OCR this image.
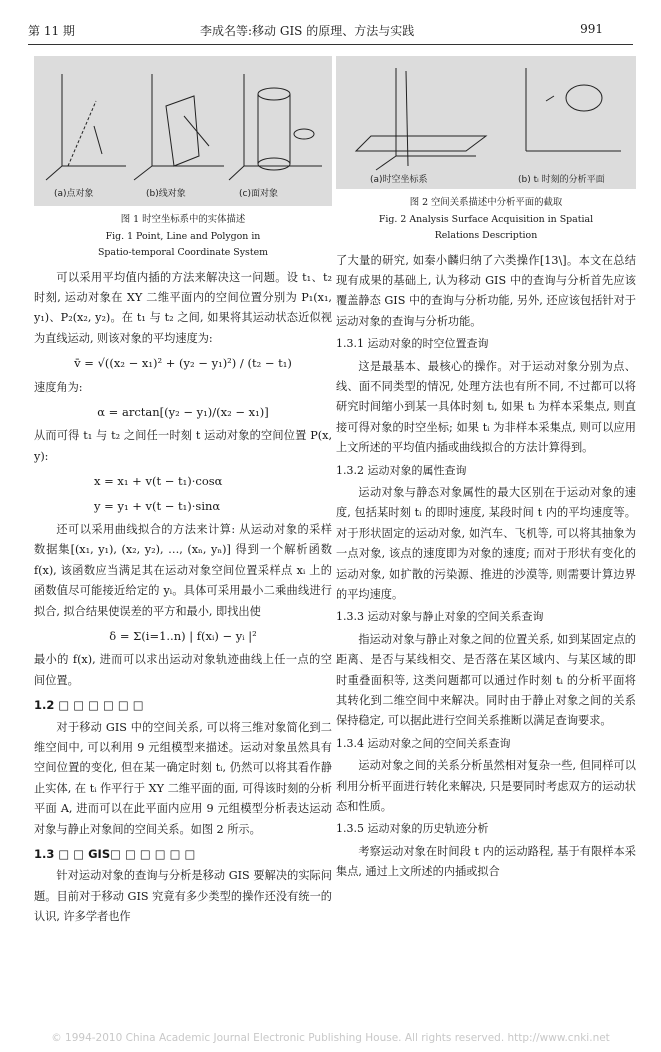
第 11 期	李成名等:移动 GIS 的原理、方法与实践	991
(a)点对象	(b)线对象	(c)面对象
图 1 时空坐标系中的实体描述
Fig. 1 Point, Line and Polygon in
Spatio-temporal Coordinate System

可以采用平均值内插的方法来解决这一问题。设 t₁、t₂ 时刻, 运动对象在 XY 二维平面内的空间位置分别为 P₁(x₁, y₁)、P₂(x₂, y₂)。在 t₁ 与 t₂ 之间, 如果将其运动状态近似视为直线运动, 则该对象的平均速度为:

v̄ = √((x₂ − x₁)² + (y₂ − y₁)²) / (t₂ − t₁)

速度角为:

α = arctan[(y₂ − y₁)/(x₂ − x₁)]

从而可得 t₁ 与 t₂ 之间任一时刻 t 运动对象的空间位置 P(x, y):

x = x₁ + v(t − t₁)·cosα
y = y₁ + v(t − t₁)·sinα

还可以采用曲线拟合的方法来计算: 从运动对象的采样数据集[(x₁, y₁), (x₂, y₂), …, (xₙ, yₙ)] 得到一个解析函数 f(x), 该函数应当满足其在运动对象空间位置采样点 xᵢ 上的函数值尽可能接近给定的 yᵢ。具体可采用最小二乘曲线进行拟合, 拟合结果使误差的平方和最小, 即找出使

δ = Σ(i=1..n) | f(xᵢ) − yᵢ |²

最小的 f(x), 进而可以求出运动对象轨迹曲线上任一点的空间位置。

1.2 □ □ □ □ □ □

对于移动 GIS 中的空间关系, 可以将三维对象简化到二维空间中, 可以利用 9 元组模型来描述。运动对象虽然具有空间位置的变化, 但在某一确定时刻 tᵢ, 仍然可以将其看作静止实体, 在 tᵢ 作平行于 XY 二维平面的面, 可得该时刻的分析平面 A, 进而可以在此平面内应用 9 元组模型分析表达运动对象与静止对象间的空间关系。如图 2 所示。

1.3 □ □ GIS□ □ □ □ □ □

针对运动对象的查询与分析是移动 GIS 要解决的实际问题。目前对于移动 GIS 究竟有多少类型的操作还没有统一的认识, 许多学者也作

(a)时空坐标系	(b) tᵢ 时刻的分析平面
图 2 空间关系描述中分析平面的截取
Fig. 2 Analysis Surface Acquisition in Spatial
Relations Description

了大量的研究, 如秦小麟归纳了六类操作[13\]。本文在总结现有成果的基础上, 认为移动 GIS 中的查询与分析首先应该覆盖静态 GIS 中的查询与分析功能, 另外, 还应该包括针对于运动对象的查询与分析功能。

1.3.1 运动对象的时空位置查询

这是最基本、最核心的操作。对于运动对象分别为点、线、面不同类型的情况, 处理方法也有所不同, 不过都可以将研究时间缩小到某一具体时刻 tᵢ, 如果 tᵢ 为样本采集点, 则直接可得对象的时空坐标; 如果 tᵢ 为非样本采集点, 则可以应用上文所述的平均值内插或曲线拟合的方法计算得到。

1.3.2 运动对象的属性查询

运动对象与静态对象属性的最大区别在于运动对象的速度, 包括某时刻 tᵢ 的即时速度, 某段时间 t 内的平均速度等。对于形状固定的运动对象, 如汽车、飞机等, 可以将其抽象为一点对象, 该点的速度即为对象的速度; 而对于形状有变化的运动对象, 如扩散的污染源、推进的沙漠等, 则需要计算边界的平均速度。

1.3.3 运动对象与静止对象的空间关系查询

指运动对象与静止对象之间的位置关系, 如到某固定点的距离、是否与某线相交、是否落在某区域内、与某区域的即时重叠面积等, 这类问题都可以通过作时刻 tᵢ 的分析平面将其转化到二维空间中来解决。同时由于静止对象之间的关系保持稳定, 可以据此进行空间关系推断以满足查询要求。

1.3.4 运动对象之间的空间关系查询

运动对象之间的关系分析虽然相对复杂一些, 但同样可以利用分析平面进行转化来解决, 只是要同时考虑双方的运动状态和性质。

1.3.5 运动对象的历史轨迹分析

考察运动对象在时间段 t 内的运动路程, 基于有限样本采集点, 通过上文所述的内插或拟合

© 1994-2010 China Academic Journal Electronic Publishing House. All rights reserved. http://www.cnki.net
